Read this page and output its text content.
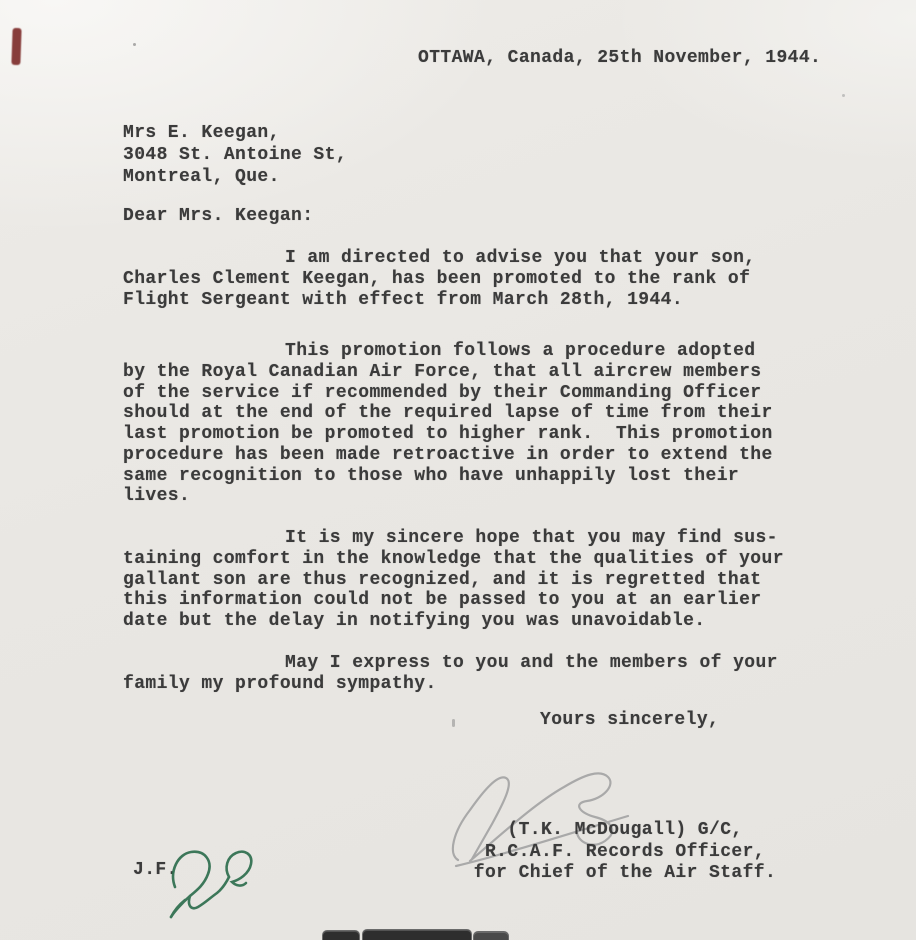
OTTAWA, Canada, 25th November, 1944.
Mrs E. Keegan,
3048 St. Antoine St,
Montreal, Que.
Dear Mrs. Keegan:
I am directed to advise you that your son,
Charles Clement Keegan, has been promoted to the rank of
Flight Sergeant with effect from March 28th, 1944.
This promotion follows a procedure adopted
by the Royal Canadian Air Force, that all aircrew members
of the service if recommended by their Commanding Officer
should at the end of the required lapse of time from their
last promotion be promoted to higher rank.  This promotion
procedure has been made retroactive in order to extend the
same recognition to those who have unhappily lost their
lives.
It is my sincere hope that you may find sus-
taining comfort in the knowledge that the qualities of your
gallant son are thus recognized, and it is regretted that
this information could not be passed to you at an earlier
date but the delay in notifying you was unavoidable.
May I express to you and the members of your
family my profound sympathy.
Yours sincerely,
(T.K. McDougall) G/C,
R.C.A.F. Records Officer,
for Chief of the Air Staff.
J.F.
